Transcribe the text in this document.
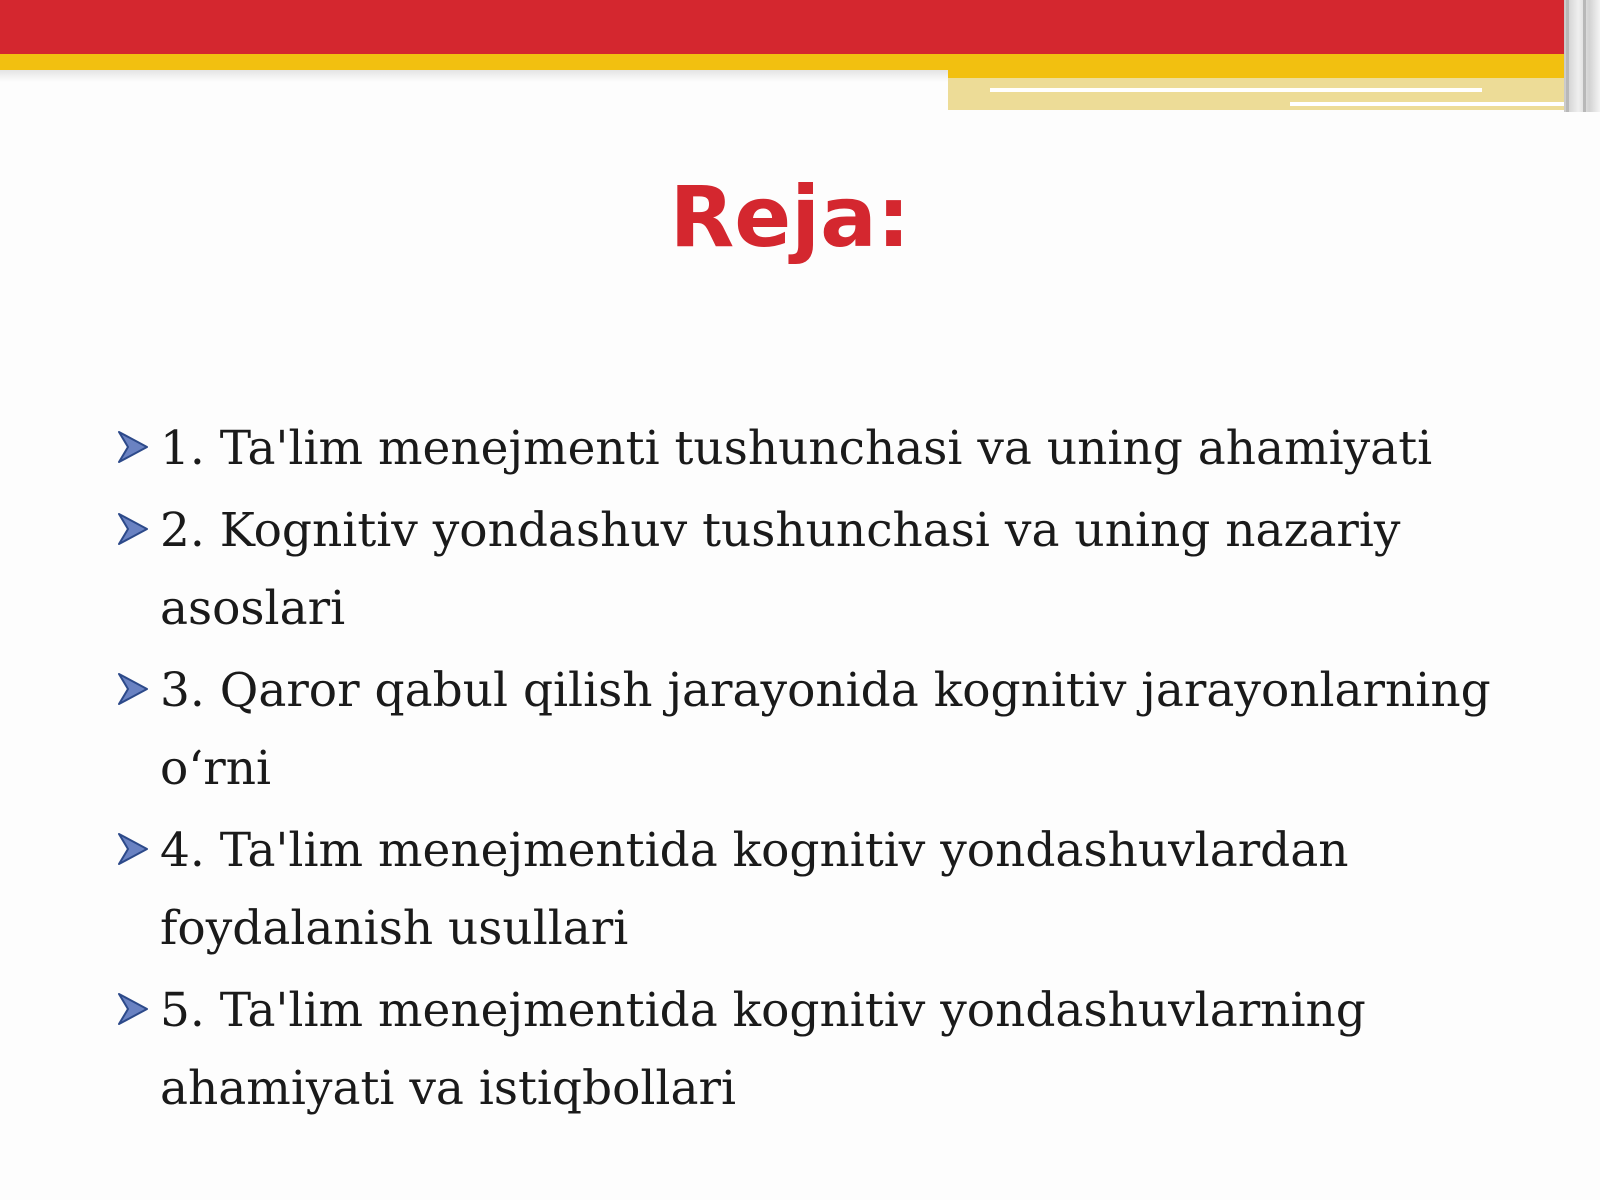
Reja:
1. Ta'lim menejmenti tushunchasi va uning ahamiyati
2. Kognitiv yondashuv tushunchasi va uning nazariy asoslari
3. Qaror qabul qilish jarayonida kognitiv jarayonlarning o‘rni
4. Ta'lim menejmentida kognitiv yondashuvlardan foydalanish usullari
5. Ta'lim menejmentida kognitiv yondashuvlarning ahamiyati va istiqbollari
